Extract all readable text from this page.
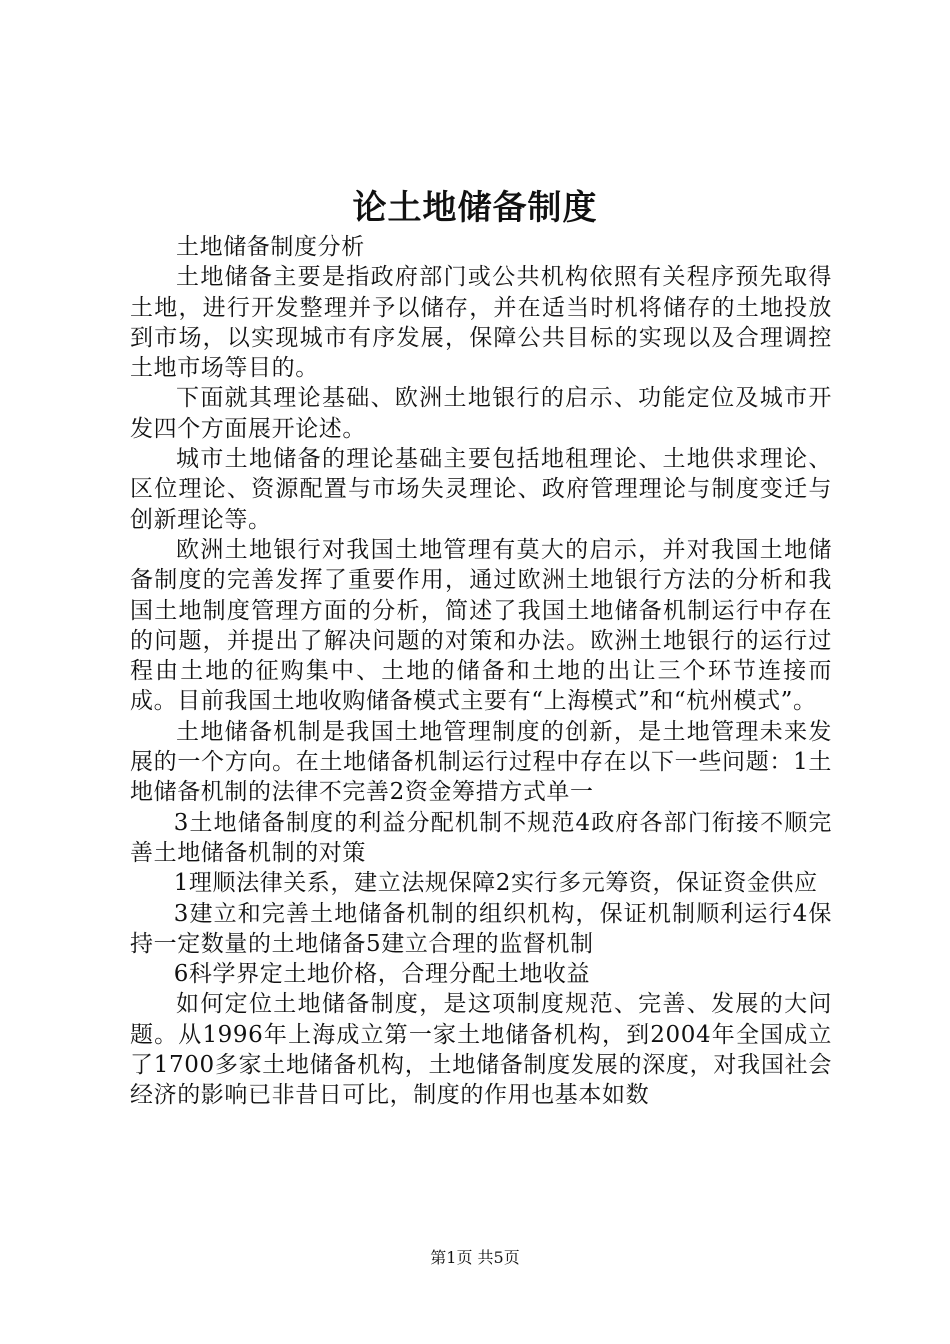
论土地储备制度

土地储备制度分析

土地储备主要是指政府部门或公共机构依照有关程序预先取得土地，进行开发整理并予以储存，并在适当时机将储存的土地投放到市场，以实现城市有序发展，保障公共目标的实现以及合理调控土地市场等目的。

下面就其理论基础、欧洲土地银行的启示、功能定位及城市开发四个方面展开论述。

城市土地储备的理论基础主要包括地租理论、土地供求理论、区位理论、资源配置与市场失灵理论、政府管理理论与制度变迁与创新理论等。

欧洲土地银行对我国土地管理有莫大的启示，并对我国土地储备制度的完善发挥了重要作用，通过欧洲土地银行方法的分析和我国土地制度管理方面的分析，简述了我国土地储备机制运行中存在的问题，并提出了解决问题的对策和办法。欧洲土地银行的运行过程由土地的征购集中、土地的储备和土地的出让三个环节连接而成。目前我国土地收购储备模式主要有“上海模式”和“杭州模式”。

土地储备机制是我国土地管理制度的创新，是土地管理未来发展的一个方向。在土地储备机制运行过程中存在以下一些问题：1土地储备机制的法律不完善2资金筹措方式单一

3土地储备制度的利益分配机制不规范4政府各部门衔接不顺完善土地储备机制的对策

1理顺法律关系，建立法规保障2实行多元筹资，保证资金供应

3建立和完善土地储备机制的组织机构，保证机制顺利运行4保持一定数量的土地储备5建立合理的监督机制

6科学界定土地价格，合理分配土地收益

如何定位土地储备制度，是这项制度规范、完善、发展的大问题。从1996年上海成立第一家土地储备机构，到2004年全国成立了1700多家土地储备机构，土地储备制度发展的深度，对我国社会经济的影响已非昔日可比，制度的作用也基本如数

第1页 共5页
